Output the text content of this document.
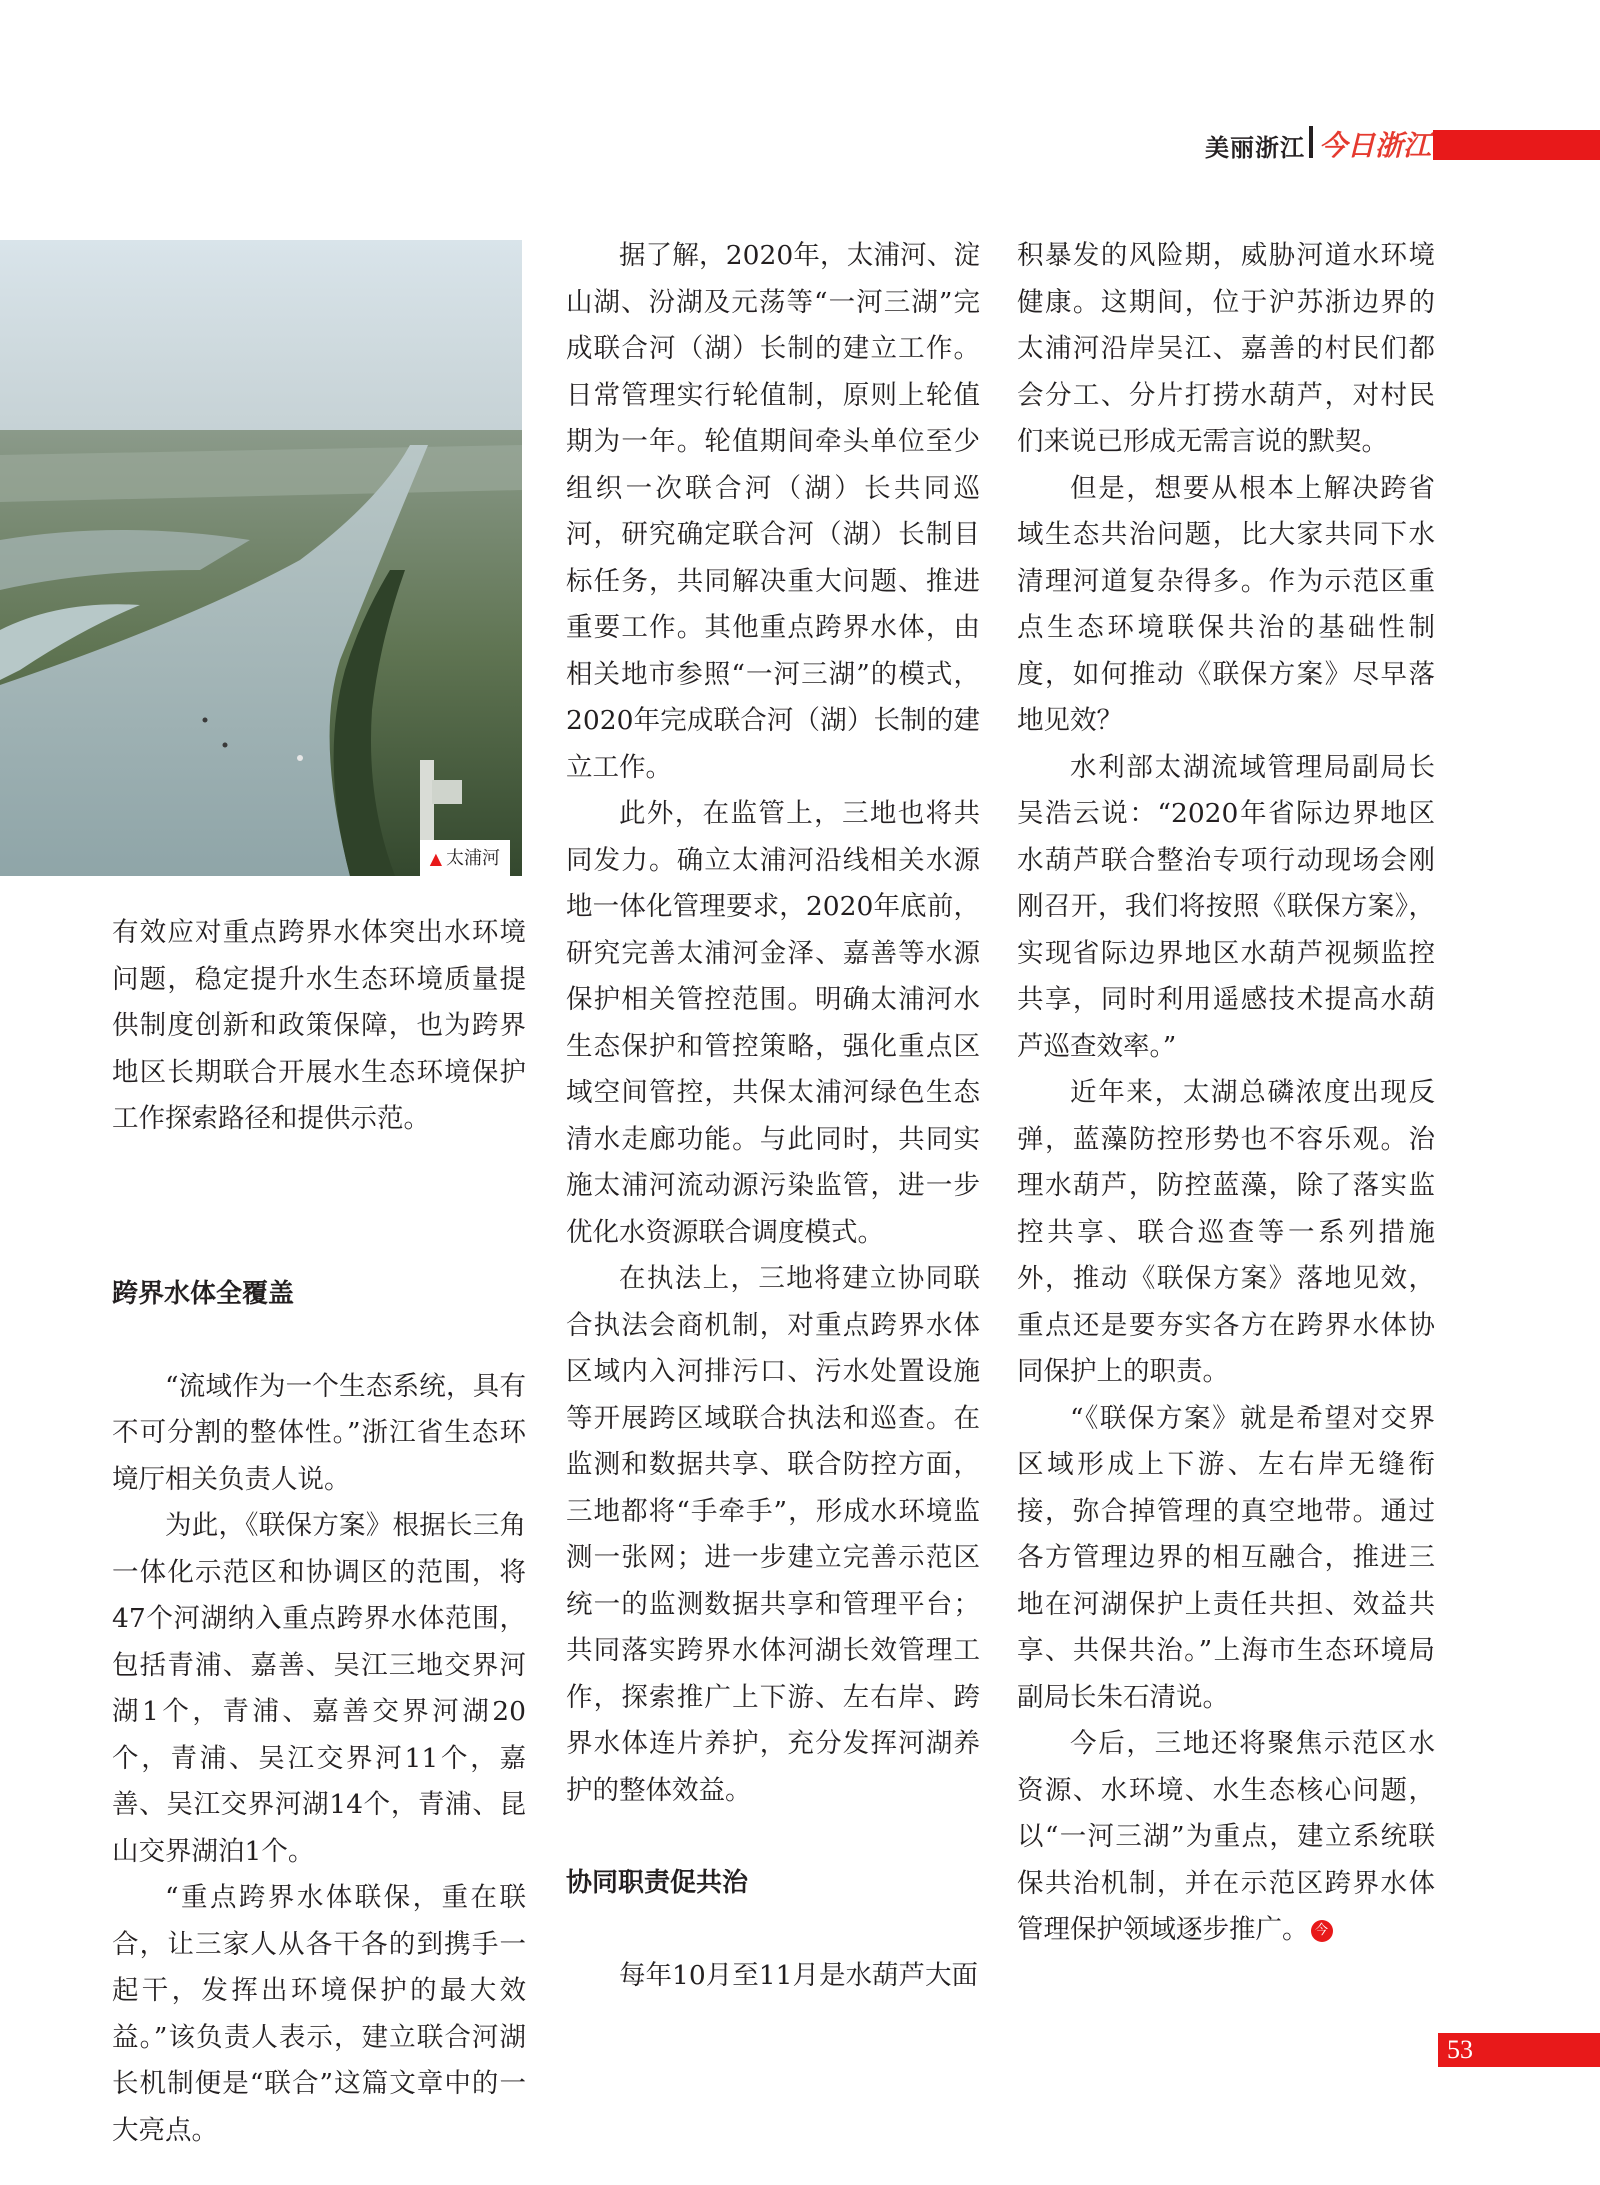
美丽浙江 今日浙江
▲ 太浦河

有效应对重点跨界水体突出水环境问题，稳定提升水生态环境质量提供制度创新和政策保障，也为跨界地区长期联合开展水生态环境保护工作探索路径和提供示范。

跨界水体全覆盖

“流域作为一个生态系统，具有不可分割的整体性。”浙江省生态环境厅相关负责人说。

为此，《联保方案》根据长三角一体化示范区和协调区的范围，将47个河湖纳入重点跨界水体范围，包括青浦、嘉善、吴江三地交界河湖1个，青浦、嘉善交界河湖20个，青浦、吴江交界河11个，嘉善、吴江交界河湖14个，青浦、昆山交界湖泊1个。

“重点跨界水体联保，重在联合，让三家人从各干各的到携手一起干，发挥出环境保护的最大效益。”该负责人表示，建立联合河湖长机制便是“联合”这篇文章中的一大亮点。

据了解，2020年，太浦河、淀山湖、汾湖及元荡等“一河三湖”完成联合河（湖）长制的建立工作。日常管理实行轮值制，原则上轮值期为一年。轮值期间牵头单位至少组织一次联合河（湖）长共同巡河，研究确定联合河（湖）长制目标任务，共同解决重大问题、推进重要工作。其他重点跨界水体，由相关地市参照“一河三湖”的模式，2020年完成联合河（湖）长制的建立工作。

此外，在监管上，三地也将共同发力。确立太浦河沿线相关水源地一体化管理要求，2020年底前，研究完善太浦河金泽、嘉善等水源保护相关管控范围。明确太浦河水生态保护和管控策略，强化重点区域空间管控，共保太浦河绿色生态清水走廊功能。与此同时，共同实施太浦河流动源污染监管，进一步优化水资源联合调度模式。

在执法上，三地将建立协同联合执法会商机制，对重点跨界水体区域内入河排污口、污水处置设施等开展跨区域联合执法和巡查。在监测和数据共享、联合防控方面，三地都将“手牵手”，形成水环境监测一张网；进一步建立完善示范区统一的监测数据共享和管理平台；共同落实跨界水体河湖长效管理工作，探索推广上下游、左右岸、跨界水体连片养护，充分发挥河湖养护的整体效益。

协同职责促共治

每年10月至11月是水葫芦大面

积暴发的风险期，威胁河道水环境健康。这期间，位于沪苏浙边界的太浦河沿岸吴江、嘉善的村民们都会分工、分片打捞水葫芦，对村民们来说已形成无需言说的默契。

但是，想要从根本上解决跨省域生态共治问题，比大家共同下水清理河道复杂得多。作为示范区重点生态环境联保共治的基础性制度，如何推动《联保方案》尽早落地见效？

水利部太湖流域管理局副局长吴浩云说：“2020年省际边界地区水葫芦联合整治专项行动现场会刚刚召开，我们将按照《联保方案》，实现省际边界地区水葫芦视频监控共享，同时利用遥感技术提高水葫芦巡查效率。”

近年来，太湖总磷浓度出现反弹，蓝藻防控形势也不容乐观。治理水葫芦，防控蓝藻，除了落实监控共享、联合巡查等一系列措施外，推动《联保方案》落地见效，重点还是要夯实各方在跨界水体协同保护上的职责。

“《联保方案》就是希望对交界区域形成上下游、左右岸无缝衔接，弥合掉管理的真空地带。通过各方管理边界的相互融合，推进三地在河湖保护上责任共担、效益共享、共保共治。”上海市生态环境局副局长朱石清说。

今后，三地还将聚焦示范区水资源、水环境、水生态核心问题，以“一河三湖”为重点，建立系统联保共治机制，并在示范区跨界水体管理保护领域逐步推广。 今

53
